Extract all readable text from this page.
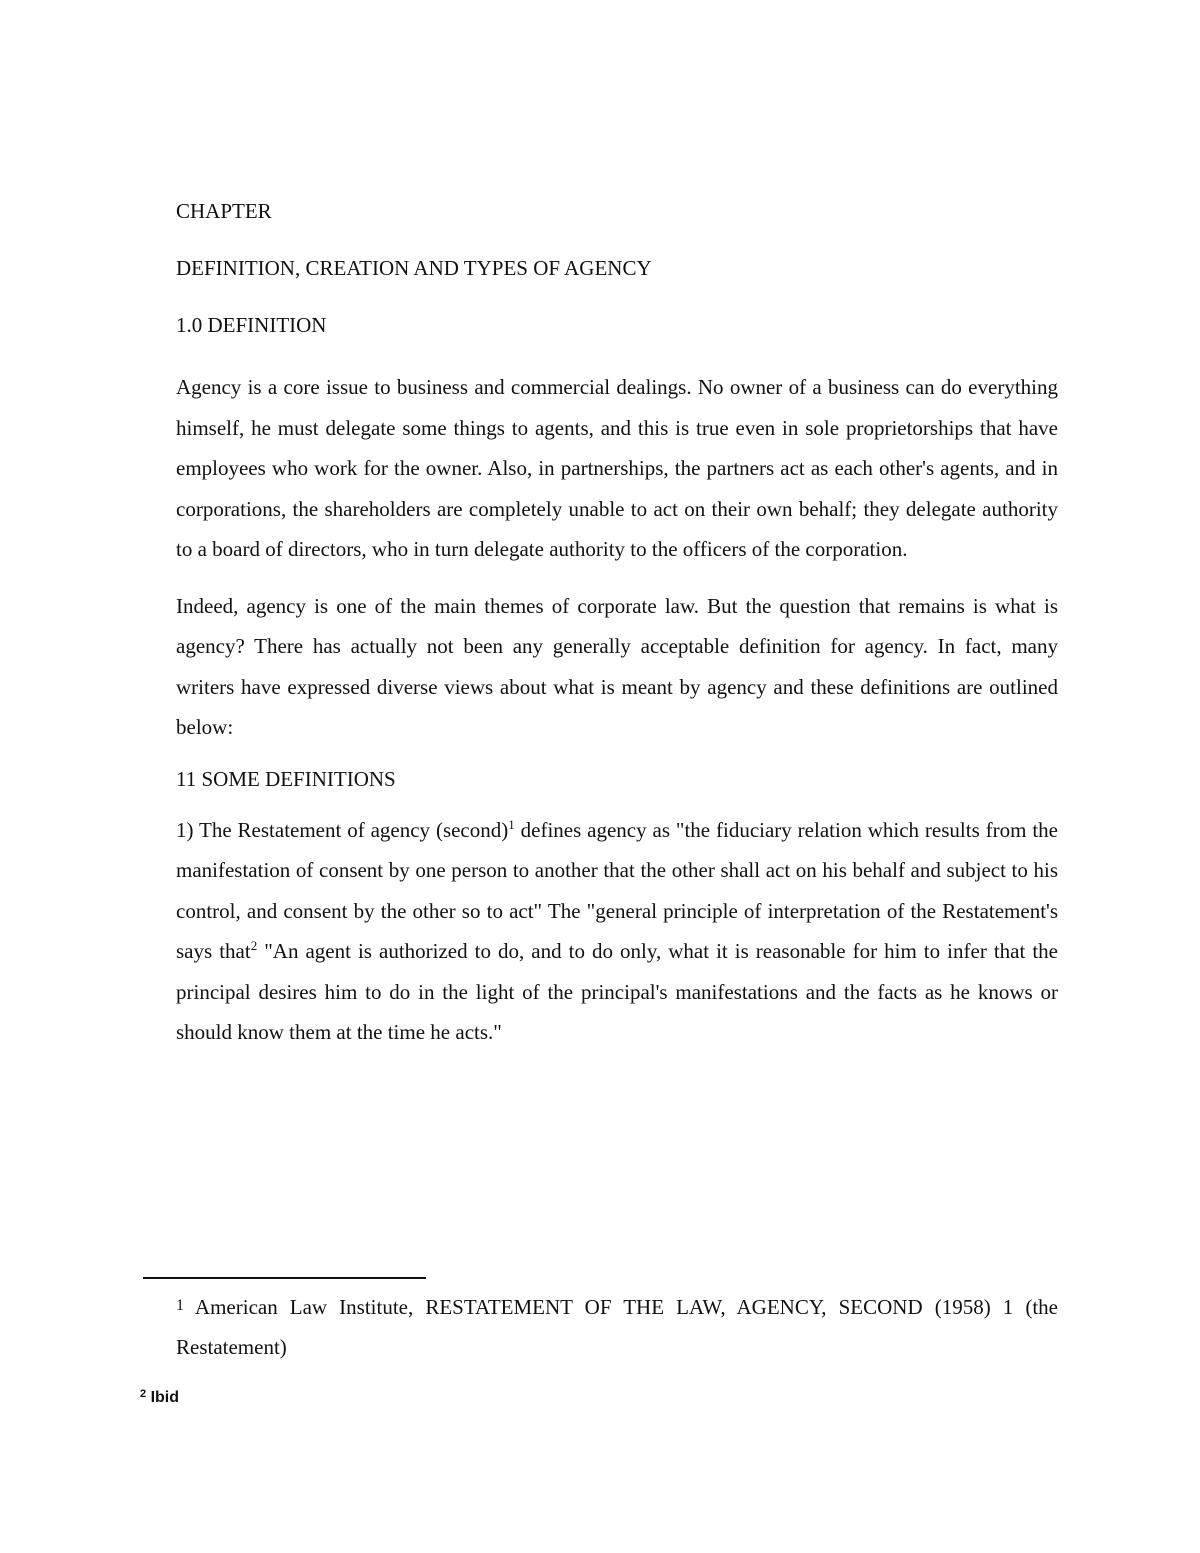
CHAPTER

DEFINITION, CREATION AND TYPES OF AGENCY

1.0 DEFINITION

Agency is a core issue to business and commercial dealings. No owner of a business can do everything himself, he must delegate some things to agents, and this is true even in sole proprietorships that have employees who work for the owner. Also, in partnerships, the partners act as each other's agents, and in corporations, the shareholders are completely unable to act on their own behalf; they delegate authority to a board of directors, who in turn delegate authority to the officers of the corporation.

Indeed, agency is one of the main themes of corporate law. But the question that remains is what is agency? There has actually not been any generally acceptable definition for agency. In fact, many writers have expressed diverse views about what is meant by agency and these definitions are outlined below:

11 SOME DEFINITIONS

1) The Restatement of agency (second)$^1$ defines agency as "the fiduciary relation which results from the manifestation of consent by one person to another that the other shall act on his behalf and subject to his control, and consent by the other so to act" The "general principle of interpretation of the Restatement's says that$^2$ "An agent is authorized to do, and to do only, what it is reasonable for him to infer that the principal desires him to do in the light of the principal's manifestations and the facts as he knows or should know them at the time he acts."

1 American Law Institute, RESTATEMENT OF THE LAW, AGENCY, SECOND (1958) 1 (the Restatement)

$^2$ Ibid
